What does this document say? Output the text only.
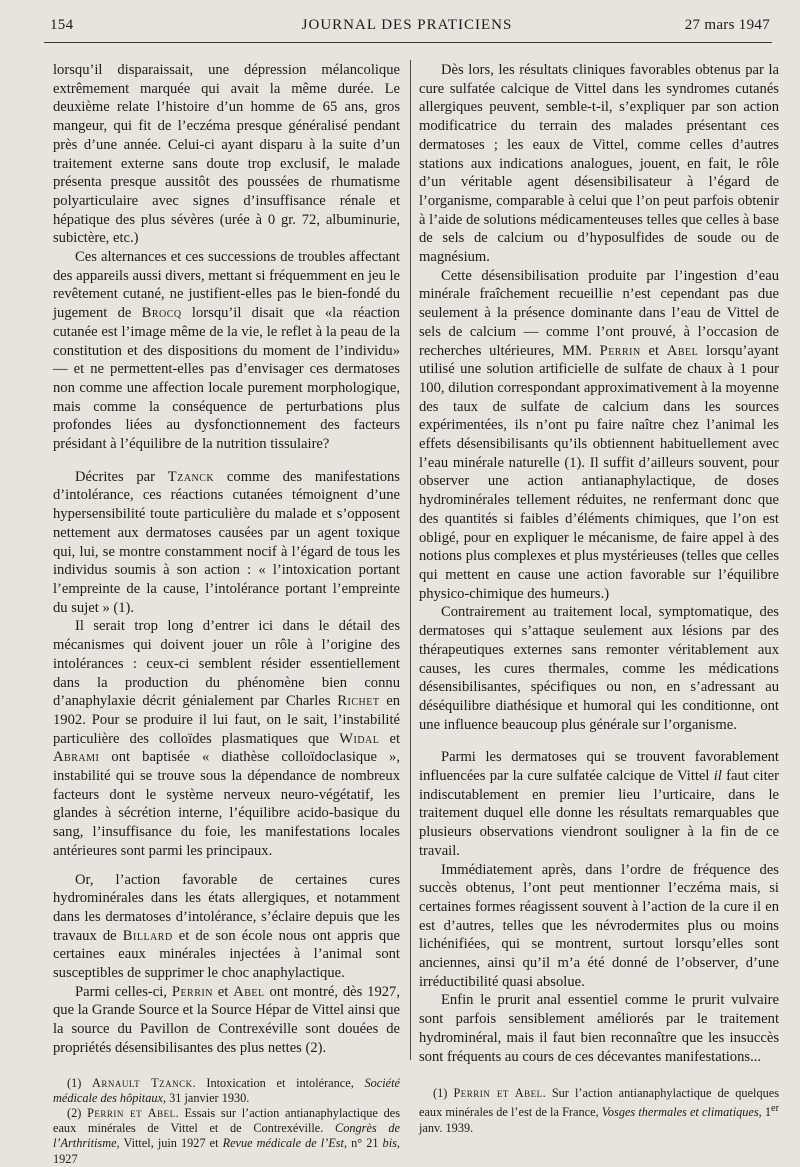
154	JOURNAL DES PRATICIENS	27 mars 1947

lorsqu’il disparaissait, une dépression mélancolique extrêmement marquée qui avait la même durée. Le deuxième relate l’histoire d’un homme de 65 ans, gros mangeur, qui fit de l’eczéma presque généralisé pendant près d’une année. Celui-ci ayant disparu à la suite d’un traitement externe sans doute trop exclusif, le malade présenta presque aussitôt des poussées de rhumatisme polyarticulaire avec signes d’insuffisance rénale et hépatique des plus sévères (urée à 0 gr. 72, albuminurie, subictère, etc.)

Ces alternances et ces successions de troubles affectant des appareils aussi divers, mettant si fréquemment en jeu le revêtement cutané, ne justifient-elles pas le bien-fondé du jugement de Brocq lorsqu’il disait que «la réaction cutanée est l’image même de la vie, le reflet à la peau de la constitution et des dispositions du moment de l’individu» — et ne permettent-elles pas d’envisager ces dermatoses non comme une affection locale purement morphologique, mais comme la conséquence de perturbations plus profondes liées au dysfonctionnement des facteurs présidant à l’équilibre de la nutrition tissulaire?

Décrites par Tzanck comme des manifestations d’intolérance, ces réactions cutanées témoignent d’une hypersensibilité toute particulière du malade et s’opposent nettement aux dermatoses causées par un agent toxique qui, lui, se montre constamment nocif à l’égard de tous les individus soumis à son action : « l’intoxication portant l’empreinte de la cause, l’intolérance portant l’empreinte du sujet » (1).

Il serait trop long d’entrer ici dans le détail des mécanismes qui doivent jouer un rôle à l’origine des intolérances : ceux-ci semblent résider essentiellement dans la production du phénomène bien connu d’anaphylaxie décrit génialement par Charles Richet en 1902. Pour se produire il lui faut, on le sait, l’instabilité particulière des colloïdes plasmatiques que Widal et Abrami ont baptisée « diathèse colloïdoclasique », instabilité qui se trouve sous la dépendance de nombreux facteurs dont le système nerveux neuro-végétatif, les glandes à sécrétion interne, l’équilibre acido-basique du sang, l’insuffisance du foie, les manifestations locales antérieures sont parmi les principaux.

Or, l’action favorable de certaines cures hydrominérales dans les états allergiques, et notamment dans les dermatoses d’intolérance, s’éclaire depuis que les travaux de Billard et de son école nous ont appris que certaines eaux minérales injectées à l’animal sont susceptibles de supprimer le choc anaphylactique.

Parmi celles-ci, Perrin et Abel ont montré, dès 1927, que la Grande Source et la Source Hépar de Vittel ainsi que la source du Pavillon de Contrexéville sont douées de propriétés désensibilisantes des plus nettes (2).

(1) Arnault Tzanck. Intoxication et intolérance, Société médicale des hôpitaux, 31 janvier 1930.

(2) Perrin et Abel. Essais sur l’action antianaphylactique des eaux minérales de Vittel et de Contrexéville. Congrès de l’Arthritisme, Vittel, juin 1927 et Revue médicale de l’Est, n° 21 bis, 1927

Dès lors, les résultats cliniques favorables obtenus par la cure sulfatée calcique de Vittel dans les syndromes cutanés allergiques peuvent, semble-t-il, s’expliquer par son action modificatrice du terrain des malades présentant ces dermatoses ; les eaux de Vittel, comme celles d’autres stations aux indications analogues, jouent, en fait, le rôle d’un véritable agent désensibilisateur à l’égard de l’organisme, comparable à celui que l’on peut parfois obtenir à l’aide de solutions médicamenteuses telles que celles à base de sels de calcium ou d’hyposulfides de soude ou de magnésium.

Cette désensibilisation produite par l’ingestion d’eau minérale fraîchement recueillie n’est cependant pas due seulement à la présence dominante dans l’eau de Vittel de sels de calcium — comme l’ont prouvé, à l’occasion de recherches ultérieures, MM. Perrin et Abel lorsqu’ayant utilisé une solution artificielle de sulfate de chaux à 1 pour 100, dilution correspondant approximativement à la moyenne des taux de sulfate de calcium dans les sources expérimentées, ils n’ont pu faire naître chez l’animal les effets désensibilisants qu’ils obtiennent habituellement avec l’eau minérale naturelle (1). Il suffit d’ailleurs souvent, pour observer une action antianaphylactique, de doses hydrominérales tellement réduites, ne renfermant donc que des quantités si faibles d’éléments chimiques, que l’on est obligé, pour en expliquer le mécanisme, de faire appel à des notions plus complexes et plus mystérieuses (telles que celles qui mettent en cause une action favorable sur l’équilibre physico-chimique des humeurs.)

Contrairement au traitement local, symptomatique, des dermatoses qui s’attaque seulement aux lésions par des thérapeutiques externes sans remonter véritablement aux causes, les cures thermales, comme les médications désensibilisantes, spécifiques ou non, en s’adressant au déséquilibre diathésique et humoral qui les conditionne, ont une influence beaucoup plus générale sur l’organisme.

Parmi les dermatoses qui se trouvent favorablement influencées par la cure sulfatée calcique de Vittel il faut citer indiscutablement en premier lieu l’urticaire, dans le traitement duquel elle donne les résultats remarquables que plusieurs observations viendront souligner à la fin de ce travail.

Immédiatement après, dans l’ordre de fréquence des succès obtenus, l’ont peut mentionner l’eczéma mais, si certaines formes réagissent souvent à l’action de la cure il en est d’autres, telles que les névrodermites plus ou moins lichénifiées, qui se montrent, surtout lorsqu’elles sont anciennes, ainsi qu’il m’a été donné de l’observer, d’une irréductibilité quasi absolue.

Enfin le prurit anal essentiel comme le prurit vulvaire sont parfois sensiblement améliorés par le traitement hydrominéral, mais il faut bien reconnaître que les insuccès sont fréquents au cours de ces décevantes manifestations...

(1) Perrin et Abel. Sur l’action antianaphylactique de quelques eaux minérales de l’est de la France, Vosges thermales et climatiques, 1er janv. 1939.
